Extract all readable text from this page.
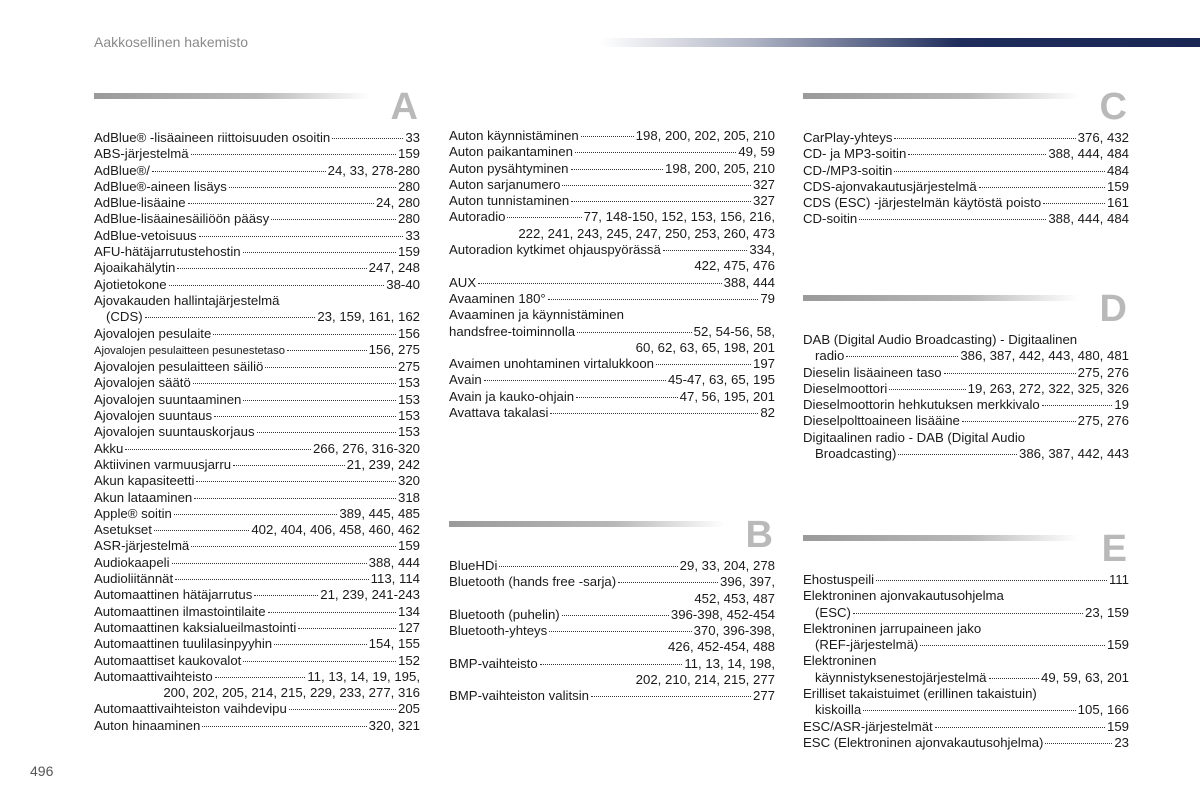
Aakkosellinen hakemisto
A
AdBlue® -lisäaineen riittoisuuden osoitin	33
ABS-järjestelmä	159
AdBlue®/	24, 33, 278-280
AdBlue®-aineen lisäys	280
AdBlue-lisäaine	24, 280
AdBlue-lisäainesäiliöön pääsy	280
AdBlue-vetoisuus	33
AFU-hätäjarrutustehostin	159
Ajoaikahälytin	247, 248
Ajotietokone	38-40
Ajovakauden hallintajärjestelmä
(CDS)	23, 159, 161, 162
Ajovalojen pesulaite	156
Ajovalojen pesulaitteen pesunestetaso	156, 275
Ajovalojen pesulaitteen säiliö	275
Ajovalojen säätö	153
Ajovalojen suuntaaminen	153
Ajovalojen suuntaus	153
Ajovalojen suuntauskorjaus	153
Akku	266, 276, 316-320
Aktiivinen varmuusjarru	21, 239, 242
Akun kapasiteetti	320
Akun lataaminen	318
Apple® soitin	389, 445, 485
Asetukset	402, 404, 406, 458, 460, 462
ASR-järjestelmä	159
Audiokaapeli	388, 444
Audioliitännät	113, 114
Automaattinen hätäjarrutus	21, 239, 241-243
Automaattinen ilmastointilaite	134
Automaattinen kaksialueilmastointi	127
Automaattinen tuulilasinpyyhin	154, 155
Automaattiset kaukovalot	152
Automaattivaihteisto	11, 13, 14, 19, 195,
200, 202, 205, 214, 215, 229, 233, 277, 316
Automaattivaihteiston vaihdevipu	205
Auton hinaaminen	320, 321
Auton käynnistäminen	198, 200, 202, 205, 210
Auton paikantaminen	49, 59
Auton pysähtyminen	198, 200, 205, 210
Auton sarjanumero	327
Auton tunnistaminen	327
Autoradio	77, 148-150, 152, 153, 156, 216,
222, 241, 243, 245, 247, 250, 253, 260, 473
Autoradion kytkimet ohjauspyörässä	334,
422, 475, 476
AUX	388, 444
Avaaminen 180°	79
Avaaminen ja käynnistäminen
handsfree-toiminnolla	52, 54-56, 58,
60, 62, 63, 65, 198, 201
Avaimen unohtaminen virtalukkoon	197
Avain	45-47, 63, 65, 195
Avain ja kauko-ohjain	47, 56, 195, 201
Avattava takalasi	82
B
BlueHDi	29, 33, 204, 278
Bluetooth (hands free -sarja)	396, 397,
452, 453, 487
Bluetooth (puhelin)	396-398, 452-454
Bluetooth-yhteys	370, 396-398,
426, 452-454, 488
BMP-vaihteisto	11, 13, 14, 198,
202, 210, 214, 215, 277
BMP-vaihteiston valitsin	277
C
CarPlay-yhteys	376, 432
CD- ja MP3-soitin	388, 444, 484
CD-/MP3-soitin	484
CDS-ajonvakautusjärjestelmä	159
CDS (ESC) -järjestelmän käytöstä poisto	161
CD-soitin	388, 444, 484
D
DAB (Digital Audio Broadcasting) - Digitaalinen
radio	386, 387, 442, 443, 480, 481
Dieselin lisäaineen taso	275, 276
Dieselmoottori	19, 263, 272, 322, 325, 326
Dieselmoottorin hehkutuksen merkkivalo	19
Dieselpolttoaineen lisääine	275, 276
Digitaalinen radio - DAB (Digital Audio
Broadcasting)	386, 387, 442, 443
E
Ehostuspeili	111
Elektroninen ajonvakautusohjelma
(ESC)	23, 159
Elektroninen jarrupaineen jako
(REF-järjestelmä)	159
Elektroninen
käynnistyksenestojärjestelmä	49, 59, 63, 201
Erilliset takaistuimet (erillinen takaistuin)
kiskoilla	105, 166
ESC/ASR-järjestelmät	159
ESC (Elektroninen ajonvakautusohjelma)	23
496
